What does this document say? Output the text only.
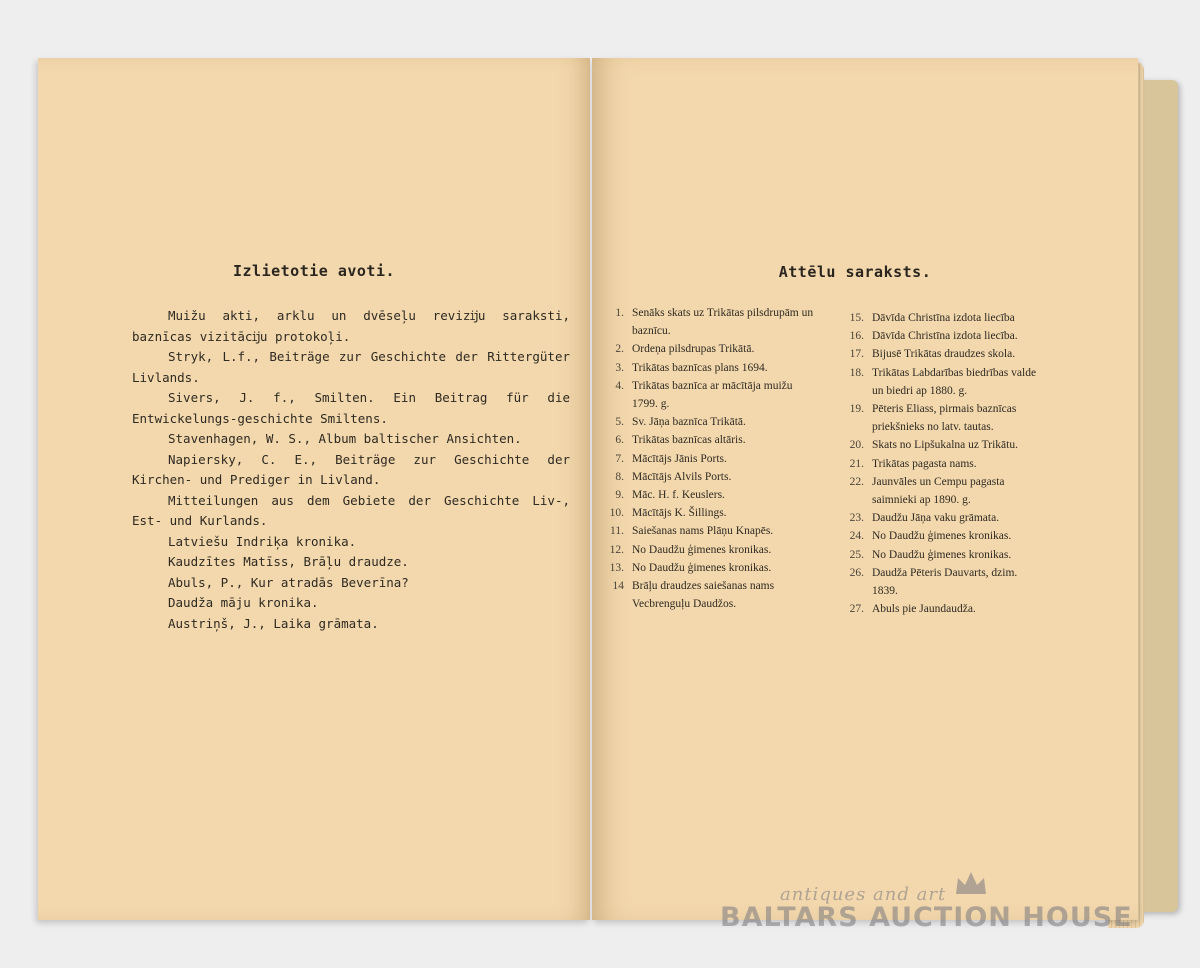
Izlietotie avoti.
Muižu akti, arklu un dvēseļu revizĳu saraksti, baznīcas vizitācĳu protokoļi.
Stryk, L.f., Beiträge zur Geschichte der Rittergüter Livlands.
Sivers, J. f., Smilten. Ein Beitrag für die Entwickelungs-geschichte Smiltens.
Stavenhagen, W. S., Album baltischer Ansichten.
Napiersky, C. E., Beiträge zur Geschichte der Kirchen- und Prediger in Livland.
Mitteilungen aus dem Gebiete der Geschichte Liv-, Est- und Kurlands.
Latviešu Indriķa kronika.
Kaudzītes Matīss, Brāļu draudze.
Abuls, P., Kur atradās Beverīna?
Daudža māju kronika.
Austriņš, J., Laika grāmata.
Attēlu saraksts.
1. Senāks skats uz Trikātas pilsdrupām un baznīcu.
2. Ordeņa pilsdrupas Trikātā.
3. Trikātas baznīcas plans 1694.
4. Trikātas baznīca ar mācītāja muižu 1799. g.
5. Sv. Jāņa baznīca Trikātā.
6. Trikātas baznīcas altāris.
7. Mācītājs Jānis Ports.
8. Mācītājs Alvils Ports.
9. Māc. H. f. Keuslers.
10. Mācītājs K. Šillings.
11. Saiešanas nams Plāņu Knapēs.
12. No Daudžu ģimenes kronikas.
13. No Daudžu ģimenes kronikas.
14 Brāļu draudzes saiešanas nams Vecbrenguļu Daudžos.
15. Dāvīda Christīna izdota liecība
16. Dāvīda Christīna izdota liecība.
17. Bijusē Trikātas draudzes skola.
18. Trikātas Labdarības biedrības valde un biedri ap 1880. g.
19. Pēteris Eliass, pirmais baznīcas priekšnieks no latv. tautas.
20. Skats no Lipšukalna uz Trikātu.
21. Trikātas pagasta nams.
22. Jaunvāles un Cempu pagasta saimnieki ap 1890. g.
23. Daudžu Jāņa vaku grāmata.
24. No Daudžu ģimenes kronikas.
25. No Daudžu ģimenes kronikas.
26. Daudža Pēteris Dauvarts, dzim. 1839.
27. Abuls pie Jaundaudža.
antiques and art
BALTARS AUCTION HOUSE
